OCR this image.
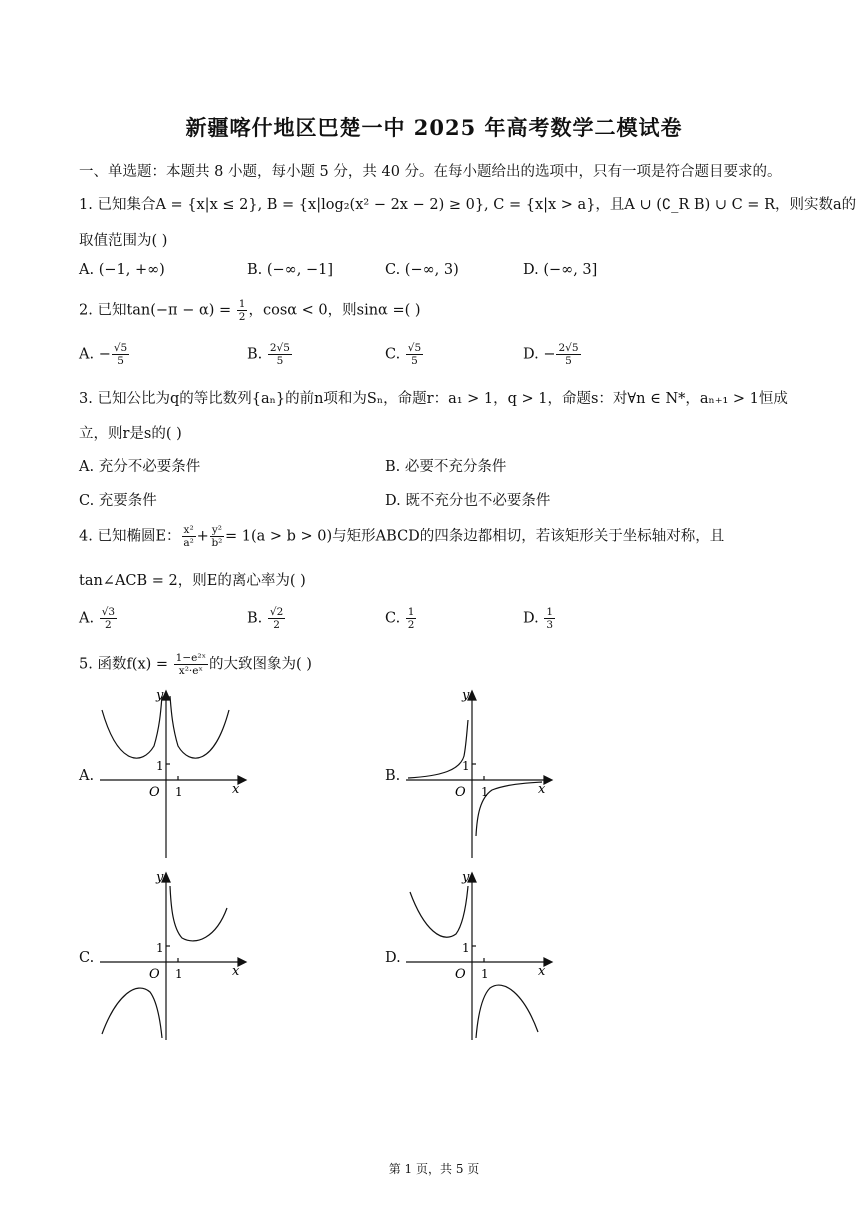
新疆喀什地区巴楚一中 2025 年高考数学二模试卷
一、单选题：本题共 8 小题，每小题 5 分，共 40 分。在每小题给出的选项中，只有一项是符合题目要求的。
1. 已知集合A = {x|x ≤ 2}, B = {x|log₂(x² − 2x − 2) ≥ 0}, C = {x|x > a}，且A ∪ (∁_R B) ∪ C = R，则实数a的
取值范围为( )
A. (−1, +∞)	B. (−∞, −1]	C. (−∞, 3)	D. (−∞, 3]
2. 已知$\tan(-\pi - \alpha) = \frac{1}{2}$ ，cosα < 0，则sinα =( )
A. − $\frac{√5}{5}$	B. $\frac{2√5}{5}$	C. $\frac{√5}{5}$	D. − $\frac{2√5}{5}$
3. 已知公比为q的等比数列{aₙ}的前n项和为Sₙ，命题r：a₁ > 1，q > 1，命题s：对∀n ∈ N*，aₙ₊₁ > 1恒成
立，则r是s的( )
A. 充分不必要条件	B. 必要不充分条件
C. 充要条件	D. 既不充分也不必要条件
4. 已知椭圆E： $\frac{\text{x²}}{\text{a²}} + \frac{\text{y²}}{\text{b²}} = 1(a > b > 0)$与矩形ABCD的四条边都相切，若该矩形关于坐标轴对称，且
tan∠ACB = 2，则E的离心率为( )
A. $\frac{√3}{2}$	B. $\frac{√2}{2}$	C. $\frac{1}{2}$	D. $\frac{1}{3}$
5. 函数$f(x) = \frac{\text{1−e²ˣ}}{\text{x²·eˣ}}$ 的大致图象为( )
A.
y
x
O 1
1
B.
y
x
O 1
1
C.
y
x
O 1
1
D.
y
x
O 1
1
第 1 页，共 5 页
